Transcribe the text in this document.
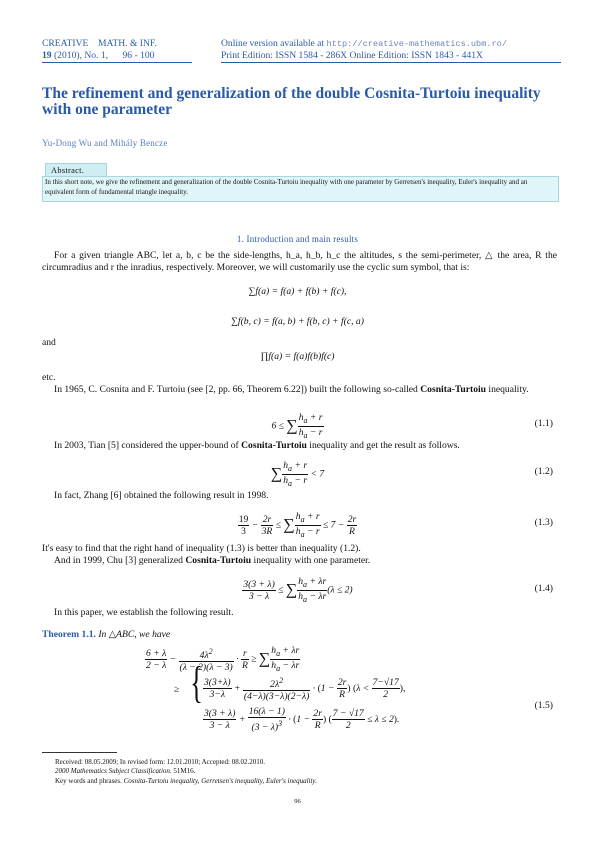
CREATIVE    MATH. & INF.
19 (2010), No. 1, 96 - 100
Online version available at http://creative-mathematics.ubm.ro/
Print Edition: ISSN 1584 - 286X Online Edition: ISSN 1843 - 441X
The refinement and generalization of the double Cosnita-Turtoiu inequality with one parameter
Yu-Dong Wu and Mihály Bencze
Abstract.
In this short note, we give the refinement and generalization of the double Cosnita-Turtoiu inequality with one parameter by Gerretsen's inequality, Euler's inequality and an equivalent form of fundamental triangle inequality.
1. Introduction and main results
For a given triangle ABC, let a, b, c be the side-lengths, h_a, h_b, h_c the altitudes, s the semi-perimeter, △ the area, R the circumradius and r the inradius, respectively. Moreover, we will customarily use the cyclic sum symbol, that is:
∑f(a) = f(a) + f(b) + f(c),
∑f(b, c) = f(a, b) + f(b, c) + f(c, a)
and
∏f(a) = f(a)f(b)f(c)
etc.
In 1965, C. Cosnita and F. Turtoiu (see [2, pp. 66, Theorem 6.22]) built the following so-called Cosnita-Turtoiu inequality.
6 ≤ ∑ $\frac{h_a + r}{h_a - r}$	(1.1)
In 2003, Tian [5] considered the upper-bound of Cosnita-Turtoiu inequality and get the result as follows.
∑ $\frac{h_a + r}{h_a - r} < 7$	(1.2)
In fact, Zhang [6] obtained the following result in 1998.
$\frac{19}{3} - \frac{2r}{3R}$ ≤ ∑ $\frac{h_a + r}{h_a - r} \le 7 - \frac{2r}{R}$	(1.3)
It's easy to find that the right hand of inequality (1.3) is better than inequality (1.2).
And in 1999, Chu [3] generalized Cosnita-Turtoiu inequality with one parameter.
$\frac{3(3 + \lambda)}{3 - \lambda}$ ≤ ∑ $\frac{h_a + \lambda r}{h_a - \lambda r} (\lambda \le 2)$	(1.4)
In this paper, we establish the following result.
Theorem 1.1. In △ABC, we have
$\frac{6 + \lambda}{2 - \lambda} - \frac{4\lambda^2}{(\lambda - 2)(\lambda - 3)} \cdot \frac{r}{R}$ ≥ ∑ $\frac{h_a + \lambda r}{h_a - \lambda r}$
≥ { $\frac{3(3+\lambda)}{3-\lambda} + \frac{2\lambda^2}{(4-\lambda)(3-\lambda)(2-\lambda)} \cdot (1 - \frac{2r}{R}$ ) ($\lambda < \frac{7-√17}{2}$ ),
$\frac{3(3 + \lambda)}{3 - \lambda} + \frac{16(\lambda - 1)}{(3 - \lambda)^3} \cdot (1 - \frac{2r}{R}$ ) ( $\frac{7 - √17}{2} \le \lambda \le 2$).
(1.5)
Received: 08.05.2009; In revised form: 12.01.2010; Accepted: 08.02.2010.
2000 Mathematics Subject Classification. 51M16.
Key words and phrases. Cosnita-Turtoiu inequality, Gerretsen's inequality, Euler's inequality.
96
